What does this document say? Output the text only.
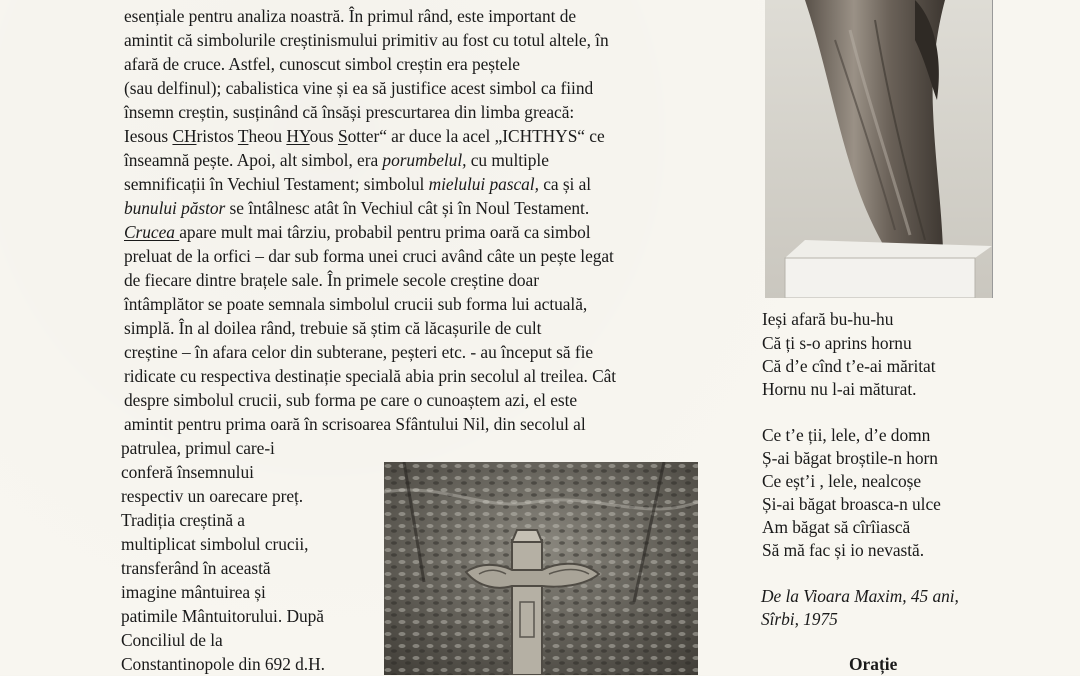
esențiale pentru analiza noastră. În primul rând, este important de
amintit că simbolurile creștinismului primitiv au fost cu totul altele, în
afară de cruce. Astfel, cunoscut simbol creștin era peștele
(sau delfinul); cabalistica vine și ea să justifice acest simbol ca fiind
însemn creștin, susținând că însăși prescurtarea din limba greacă:
Iesous CHristos Theou HYous Sotter“ ar duce la acel „ICHTHYS“ ce
înseamnă pește. Apoi, alt simbol, era porumbelul, cu multiple
semnificații în Vechiul Testament; simbolul mielului pascal, ca și al
bunului păstor se întâlnesc atât în Vechiul cât și în Noul Testament.
Crucea apare mult mai târziu, probabil pentru prima oară ca simbol
preluat de la orfici – dar sub forma unei cruci având câte un pește legat
de fiecare dintre brațele sale. În primele secole creștine doar
întâmplător se poate semnala simbolul crucii sub forma lui actuală,
simplă. În al doilea rând, trebuie să știm că lăcașurile de cult
creștine – în afara celor din subterane, peșteri etc. - au început să fie
ridicate cu respectiva destinație specială abia prin secolul al treilea. Cât
despre simbolul crucii, sub forma pe care o cunoaștem azi, el este
amintit pentru prima oară în scrisoarea Sfântului Nil, din secolul al
patrulea, primul care-i
conferă însemnului
respectiv un oarecare preț.
Tradiția creștină a
multiplicat simbolul crucii,
transferând în această
imagine mântuirea și
patimile Mântuitorului. După
Conciliul de la
Constantinopole din 692 d.H.
Ieși afară bu-hu-hu
Că ți s-o aprins hornu
Că d’e cînd t’e-ai măritat
Hornu nu l-ai măturat.
Ce t’e ții, lele, d’e domn
Ș-ai băgat broștile-n horn
Ce eșt’i , lele, nealcoșe
Și-ai băgat broasca-n ulce
Am băgat să cîrîiască
Să mă fac și io nevastă.
De la Vioara Maxim, 45 ani,
Sîrbi, 1975
Orație
